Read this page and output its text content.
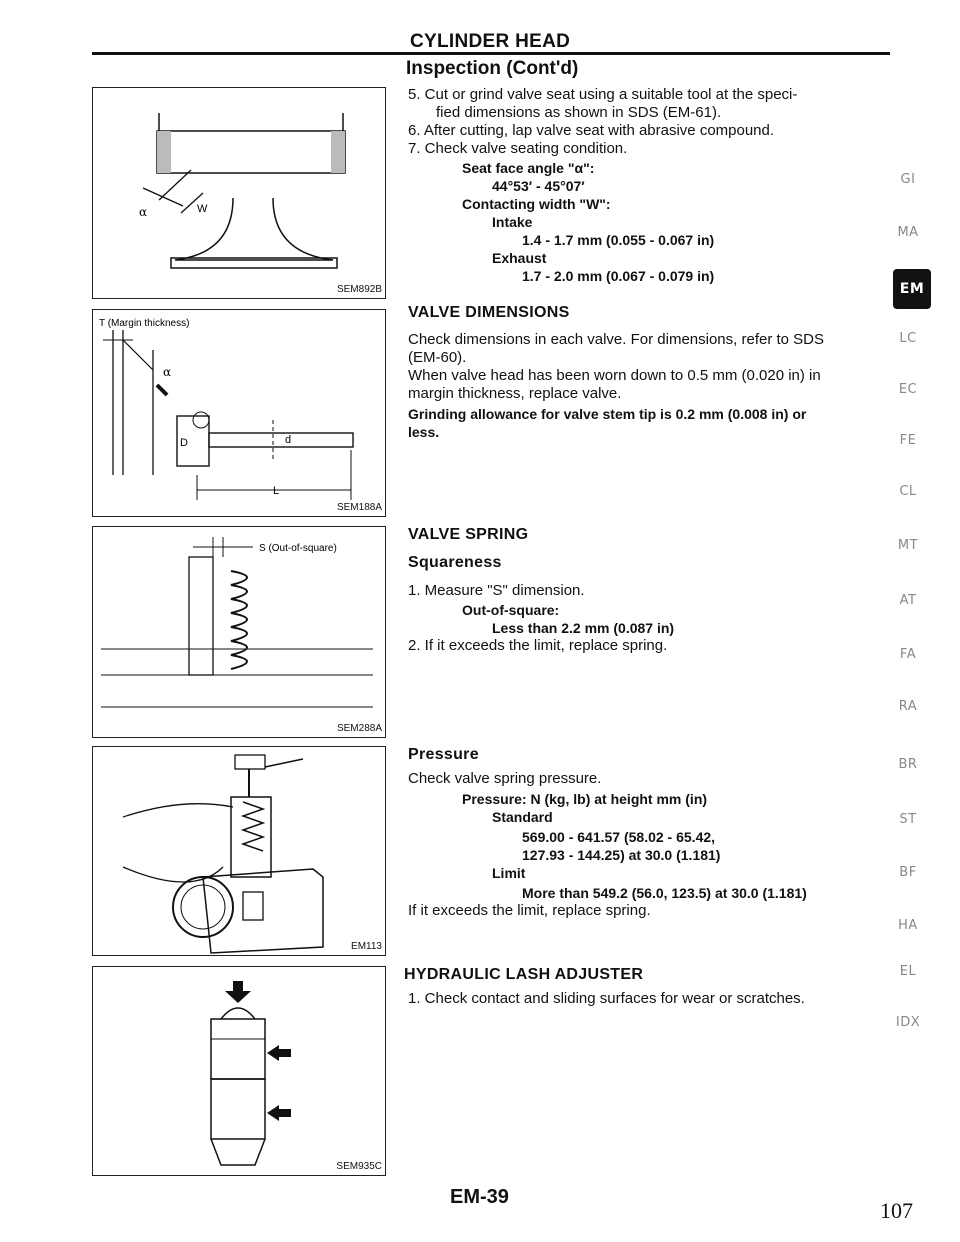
CYLINDER HEAD
Inspection (Cont'd)
α	W
SEM892B
T (Margin thickness)
α
D	d
L
SEM188A
S (Out-of-square)
SEM288A
EM113
SEM935C
5. Cut or grind valve seat using a suitable tool at the speci-
fied dimensions as shown in SDS (EM-61).
6. After cutting, lap valve seat with abrasive compound.
7. Check valve seating condition.
Seat face angle "α":
44°53′ - 45°07′
Contacting width "W":
Intake
1.4 - 1.7 mm (0.055 - 0.067 in)
Exhaust
1.7 - 2.0 mm (0.067 - 0.079 in)
VALVE DIMENSIONS
Check dimensions in each valve. For dimensions, refer to SDS
(EM-60).
When valve head has been worn down to 0.5 mm (0.020 in) in
margin thickness, replace valve.
Grinding allowance for valve stem tip is 0.2 mm (0.008 in) or
less.
VALVE SPRING
Squareness
1. Measure "S" dimension.
Out-of-square:
Less than 2.2 mm (0.087 in)
2. If it exceeds the limit, replace spring.
Pressure
Check valve spring pressure.
Pressure: N (kg, lb) at height mm (in)
Standard
569.00 - 641.57 (58.02 - 65.42,
127.93 - 144.25) at 30.0 (1.181)
Limit
More than 549.2 (56.0, 123.5) at 30.0 (1.181)
If it exceeds the limit, replace spring.
HYDRAULIC LASH ADJUSTER
1. Check contact and sliding surfaces for wear or scratches.
GI
MA
EM
LC
EC
FE
CL
MT
AT
FA
RA
BR
ST
BF
HA
EL
IDX
EM-39
107
